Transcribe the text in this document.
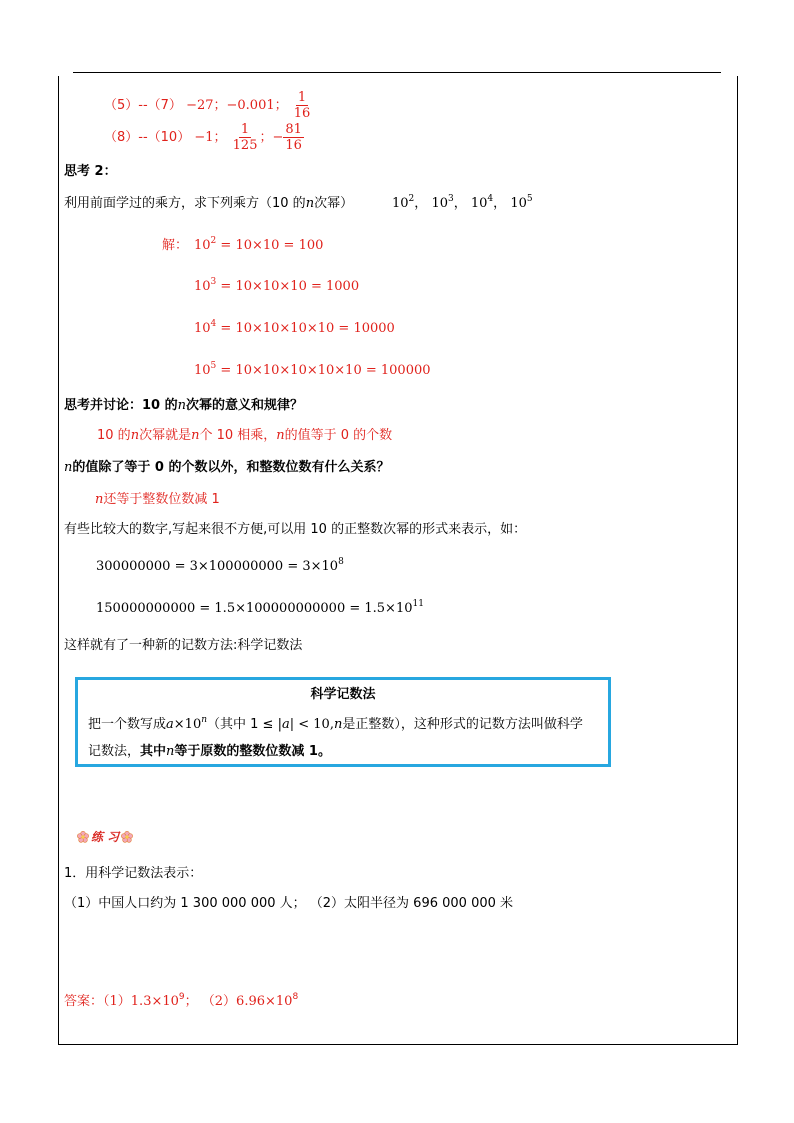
（5）--（7） −27；−0.001； $\frac{1}{16}$
（8）--（10） −1； $\frac{1}{125}$ ；− $\frac{81}{16}$
思考 2：
利用前面学过的乘方，求下列乘方（10 的n次幂）	$10^2$， $10^3$， $10^4$， $10^5$
解： $10^2 = 10\times 10 = 100$
$10^3 = 10\times 10\times 10 = 1000$
$10^4 = 10\times 10\times 10\times 10 = 10000$
$10^5 = 10\times 10\times 10\times 10\times 10 = 100000$
思考并讨论：10 的n次幂的意义和规律？
10 的n次幂就是n个 10 相乘，n的值等于 0 的个数
n的值除了等于 0 的个数以外，和整数位数有什么关系？
n还等于整数位数减 1
有些比较大的数字,写起来很不方便,可以用 10 的正整数次幂的形式来表示，如：
$300000000 = 3\times 100000000 = 3\times 10^8$
$150000000000 = 1.5\times 100000000000 = 1.5\times 10^{11}$
这样就有了一种新的记数方法:科学记数法
科学记数法
把一个数写成$a\times 10^n$（其中 1 ≤ |a| < 10,n是正整数），这种形式的记数方法叫做科学
记数法，其中n等于原数的整数位数减 1。
练 习
1．用科学记数法表示：
（1）中国人口约为 1 300 000 000 人； （2）太阳半径为 696 000 000 米
答案：$(1)1.3\times 10^9$； $(2)6.96\times 10^8$
